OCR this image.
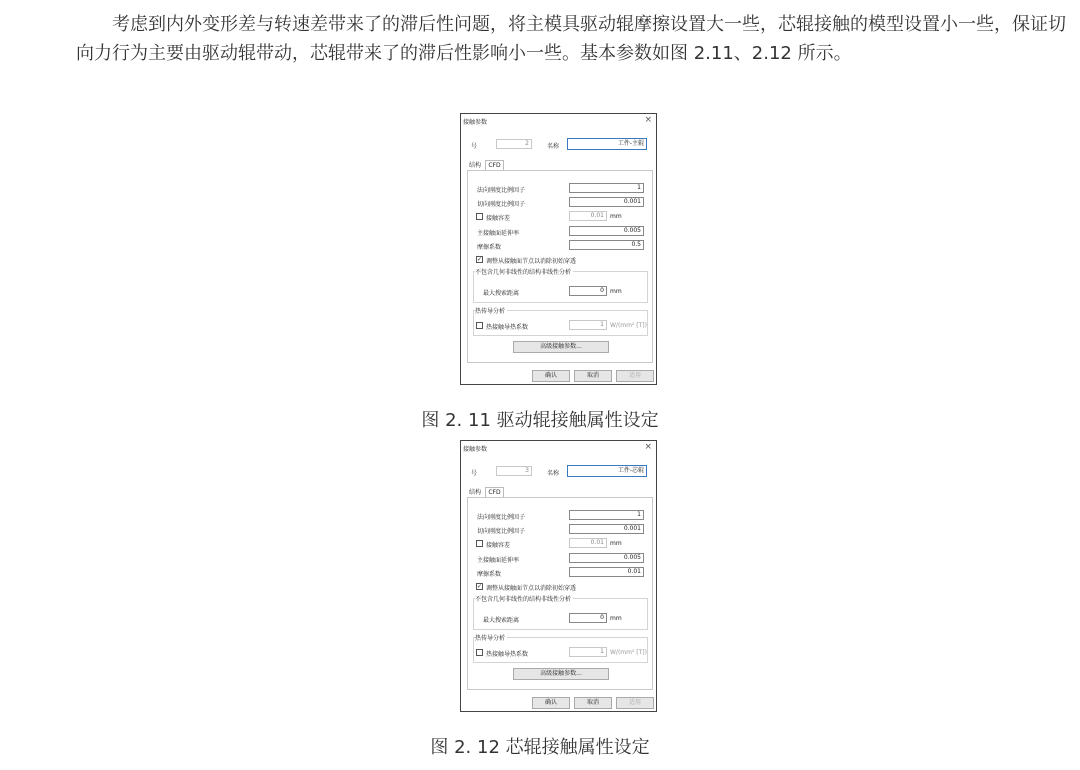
考虑到内外变形差与转速差带来了的滞后性问题，将主模具驱动辊摩擦设置大一些，芯辊接触的模型设置小一些，保证切向力行为主要由驱动辊带动，芯辊带来了的滞后性影响小一些。基本参数如图 2.11、2.12 所示。

接触参数	×
号	2	名称	工件-主辊
结构	CFD
法向刚度比例因子	1
切向刚度比例因子	0.001
接触容差	0.01	mm
主接触面延伸率	0.005
摩擦系数	0.5
✓ 调整从接触面节点以消除初始穿透
不包含几何非线性的结构非线性分析
最大搜索距离	0	mm
热传导分析
热接触导热系数	1	W/(mm² [T])
高级接触参数...
确认	取消	适用
图 2. 11 驱动辊接触属性设定
接触参数	×
号	3	名称	工件-芯辊
结构	CFD
法向刚度比例因子	1
切向刚度比例因子	0.001
接触容差	0.01	mm
主接触面延伸率	0.005
摩擦系数	0.01
✓ 调整从接触面节点以消除初始穿透
不包含几何非线性的结构非线性分析
最大搜索距离	0	mm
热传导分析
热接触导热系数	1	W/(mm² [T])
高级接触参数...
确认	取消	适用
图 2. 12 芯辊接触属性设定
